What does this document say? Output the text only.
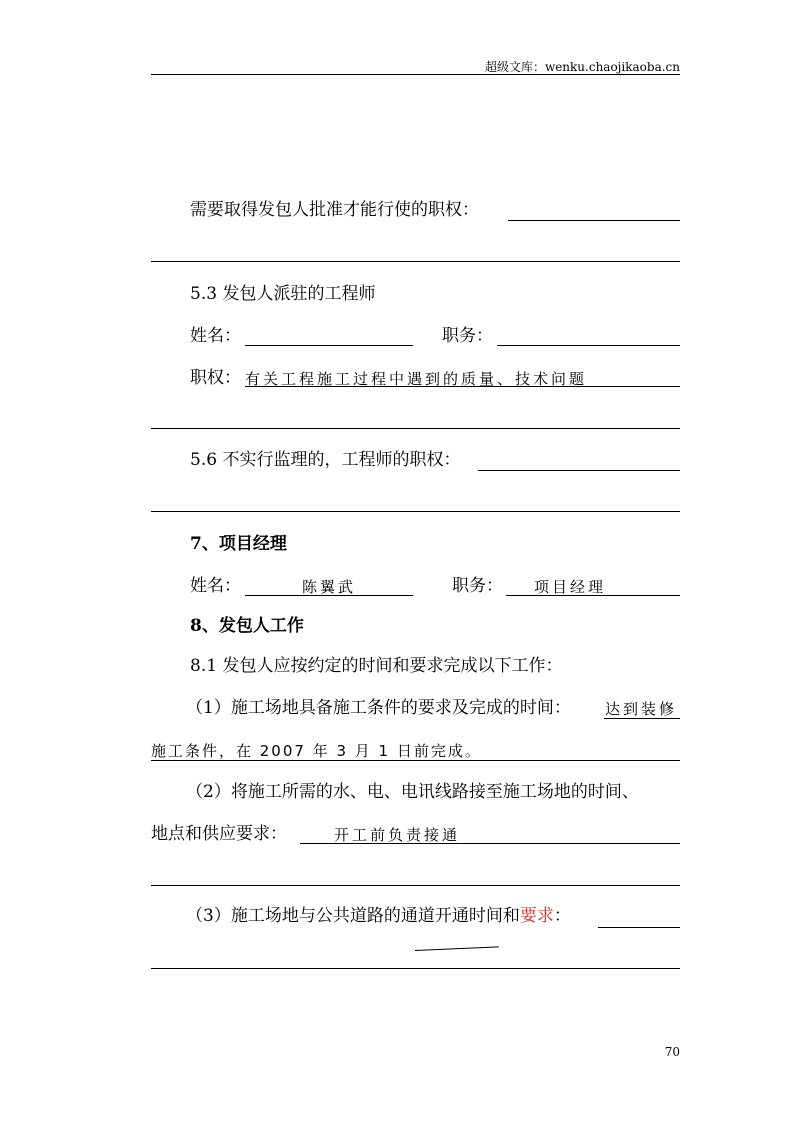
超级文库：wenku.chaojikaoba.cn
需要取得发包人批准才能行使的职权：
5.3 发包人派驻的工程师
姓名：	职务：
职权： 有关工程施工过程中遇到的质量、技术问题
5.6 不实行监理的，工程师的职权：
7、项目经理
姓名：	陈翼武	职务： 项目经理
8、发包人工作
8.1 发包人应按约定的时间和要求完成以下工作：
（1）施工场地具备施工条件的要求及完成的时间： 达到装修
施工条件，在 2007 年 3 月 1 日前完成。
（2）将施工所需的水、电、电讯线路接至施工场地的时间、
地点和供应要求：	开工前负责接通
（3）施工场地与公共道路的通道开通时间和要求：
70
